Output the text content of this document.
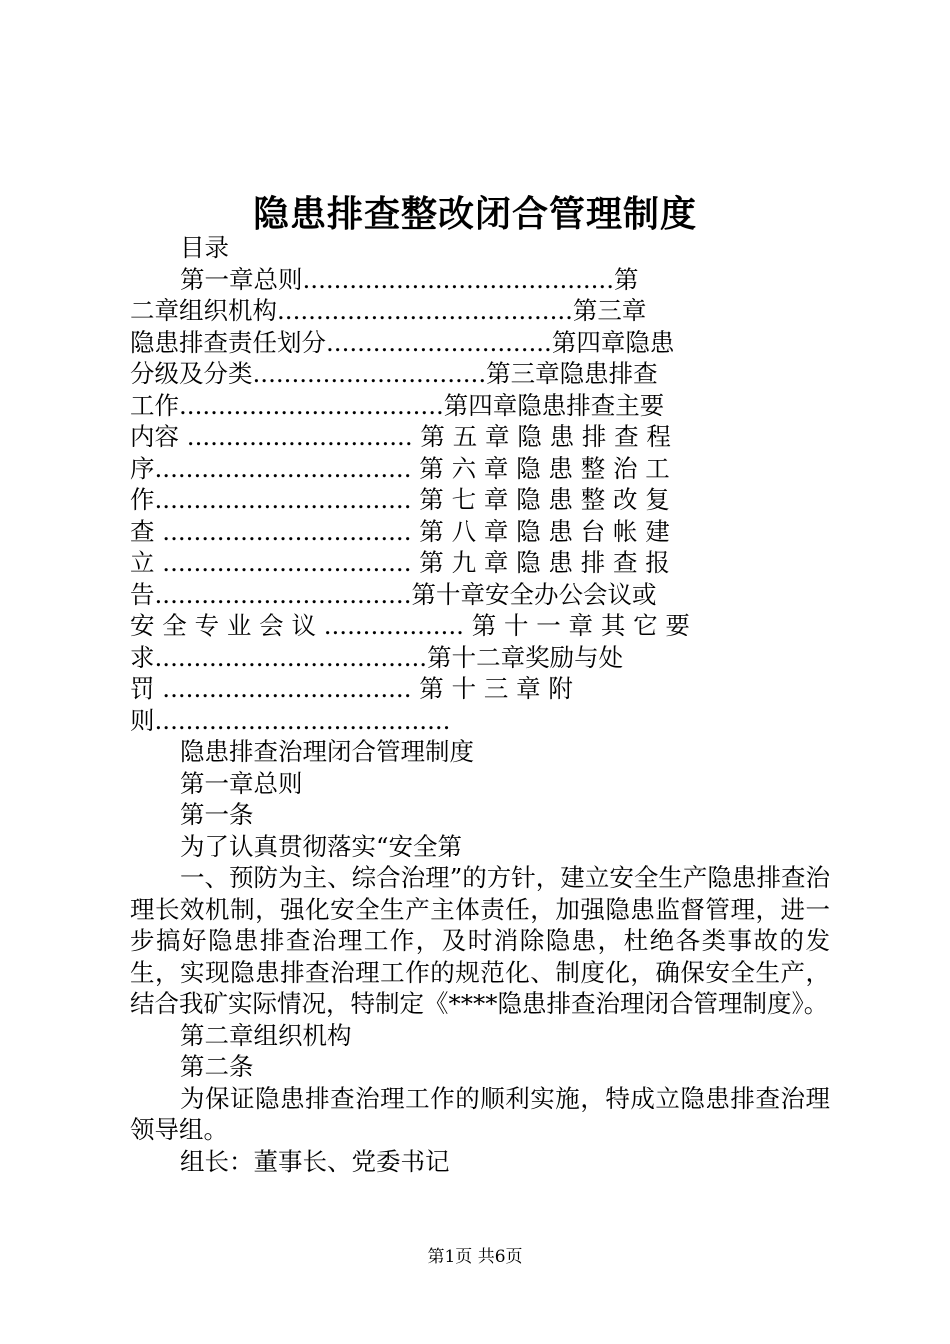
隐患排查整改闭合管理制度
目录
第一章总则........................................第
二章组织机构......................................第三章
隐患排查责任划分.............................第四章隐患
分级及分类..............................第三章隐患排查
工作..................................第四章隐患排查主要
内容 ............................. 第 五 章 隐 患 排 查 程
序................................. 第 六 章 隐 患 整 治 工
作................................. 第 七 章 隐 患 整 改 复
查 ................................ 第 八 章 隐 患 台 帐 建
立 ................................ 第 九 章 隐 患 排 查 报
告.................................第十章安全办公会议或
安 全 专 业 会 议 .................. 第 十 一 章 其 它 要
求...................................第十二章奖励与处
罚 ................................ 第 十 三 章 附
则......................................
隐患排查治理闭合管理制度
第一章总则
第一条
为了认真贯彻落实“安全第
一、预防为主、综合治理”的方针，建立安全生产隐患排查治理长效机制，强化安全生产主体责任，加强隐患监督管理，进一步搞好隐患排查治理工作，及时消除隐患，杜绝各类事故的发生，实现隐患排查治理工作的规范化、制度化，确保安全生产，结合我矿实际情况，特制定《****隐患排查治理闭合管理制度》。
第二章组织机构
第二条
为保证隐患排查治理工作的顺利实施，特成立隐患排查治理领导组。
组长：董事长、党委书记
第1页 共6页
